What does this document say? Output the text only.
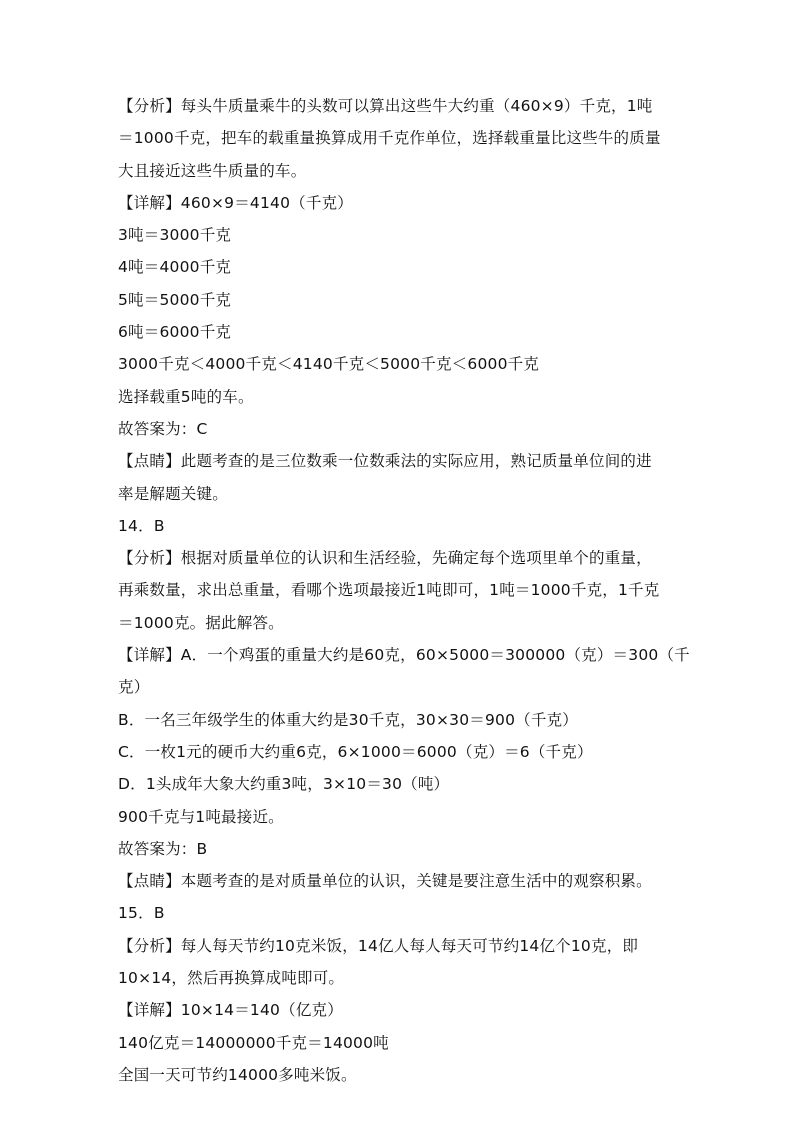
【分析】每头牛质量乘牛的头数可以算出这些牛大约重（460×9）千克，1吨
＝1000千克，把车的载重量换算成用千克作单位，选择载重量比这些牛的质量
大且接近这些牛质量的车。
【详解】460×9＝4140（千克）
3吨＝3000千克
4吨＝4000千克
5吨＝5000千克
6吨＝6000千克
3000千克＜4000千克＜4140千克＜5000千克＜6000千克
选择载重5吨的车。
故答案为：C
【点睛】此题考查的是三位数乘一位数乘法的实际应用，熟记质量单位间的进
率是解题关键。
14．B
【分析】根据对质量单位的认识和生活经验，先确定每个选项里单个的重量，
再乘数量，求出总重量，看哪个选项最接近1吨即可，1吨＝1000千克，1千克
＝1000克。据此解答。
【详解】A．一个鸡蛋的重量大约是60克，60×5000＝300000（克）＝300（千
克）
B．一名三年级学生的体重大约是30千克，30×30＝900（千克）
C．一枚1元的硬币大约重6克，6×1000＝6000（克）＝6（千克）
D．1头成年大象大约重3吨，3×10＝30（吨）
900千克与1吨最接近。
故答案为：B
【点睛】本题考查的是对质量单位的认识，关键是要注意生活中的观察积累。
15．B
【分析】每人每天节约10克米饭，14亿人每人每天可节约14亿个10克，即
10×14，然后再换算成吨即可。
【详解】10×14＝140（亿克）
140亿克＝14000000千克＝14000吨
全国一天可节约14000多吨米饭。
